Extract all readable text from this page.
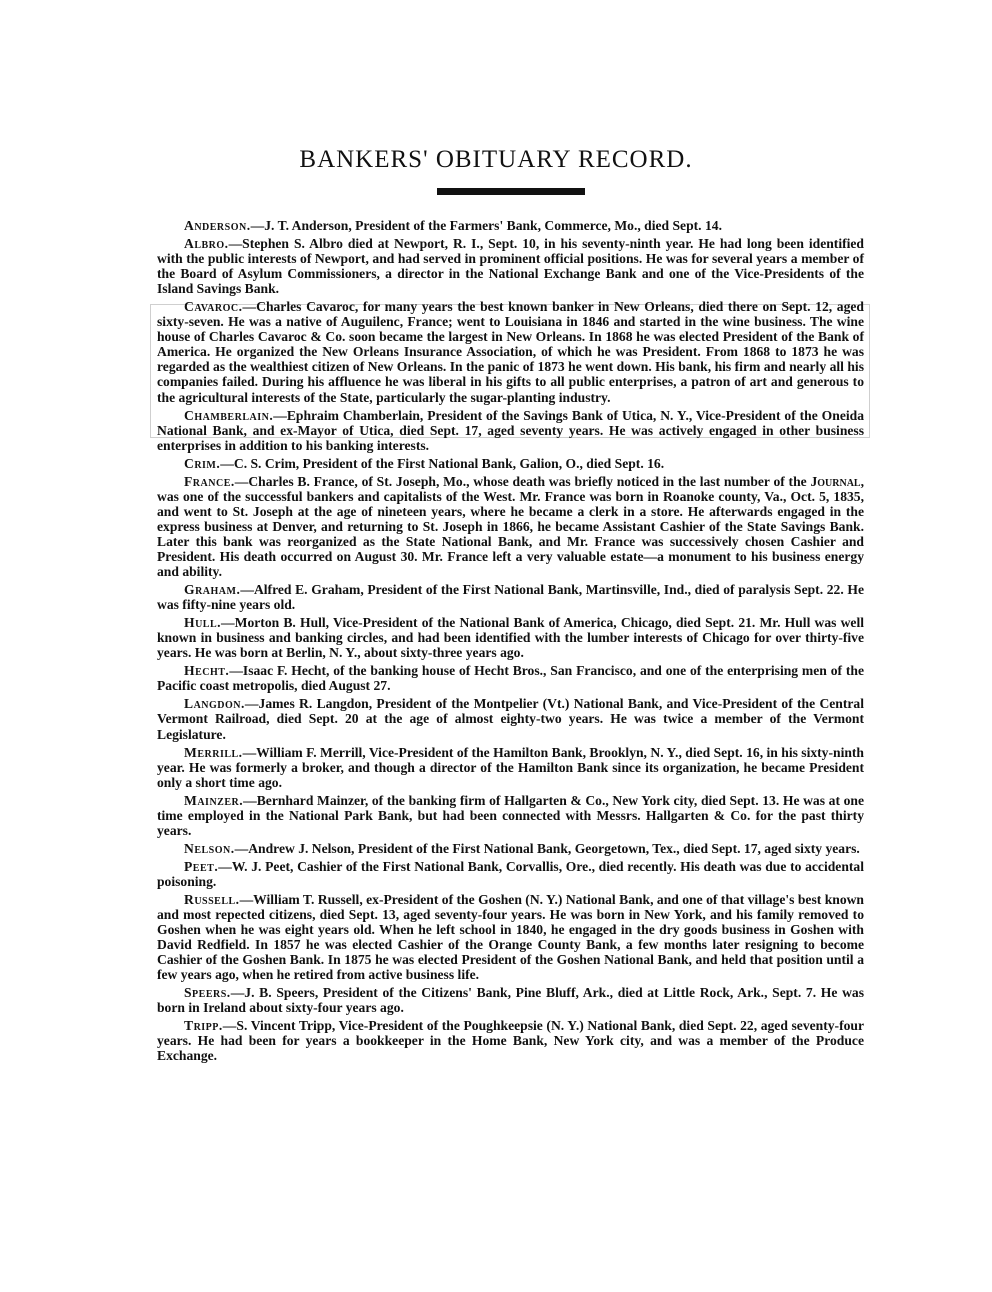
BANKERS' OBITUARY RECORD.

Anderson.—J. T. Anderson, President of the Farmers' Bank, Commerce, Mo., died Sept. 14.

Albro.—Stephen S. Albro died at Newport, R. I., Sept. 10, in his seventy-ninth year. He had long been identified with the public interests of Newport, and had served in prominent official positions. He was for several years a member of the Board of Asylum Commissioners, a director in the National Exchange Bank and one of the Vice-Presidents of the Island Savings Bank.

Cavaroc.—Charles Cavaroc, for many years the best known banker in New Orleans, died there on Sept. 12, aged sixty-seven. He was a native of Auguilenc, France; went to Louisiana in 1846 and started in the wine business. The wine house of Charles Cavaroc & Co. soon became the largest in New Orleans. In 1868 he was elected President of the Bank of America. He organized the New Orleans Insurance Association, of which he was President. From 1868 to 1873 he was regarded as the wealthiest citizen of New Orleans. In the panic of 1873 he went down. His bank, his firm and nearly all his companies failed. During his affluence he was liberal in his gifts to all public enterprises, a patron of art and generous to the agricultural interests of the State, particularly the sugar-planting industry.

Chamberlain.—Ephraim Chamberlain, President of the Savings Bank of Utica, N. Y., Vice-President of the Oneida National Bank, and ex-Mayor of Utica, died Sept. 17, aged seventy years. He was actively engaged in other business enterprises in addition to his banking interests.

Crim.—C. S. Crim, President of the First National Bank, Galion, O., died Sept. 16.

France.—Charles B. France, of St. Joseph, Mo., whose death was briefly noticed in the last number of the Journal, was one of the successful bankers and capitalists of the West. Mr. France was born in Roanoke county, Va., Oct. 5, 1835, and went to St. Joseph at the age of nineteen years, where he became a clerk in a store. He afterwards engaged in the express business at Denver, and returning to St. Joseph in 1866, he became Assistant Cashier of the State Savings Bank. Later this bank was reorganized as the State National Bank, and Mr. France was successively chosen Cashier and President. His death occurred on August 30. Mr. France left a very valuable estate—a monument to his business energy and ability.

Graham.—Alfred E. Graham, President of the First National Bank, Martinsville, Ind., died of paralysis Sept. 22. He was fifty-nine years old.

Hull.—Morton B. Hull, Vice-President of the National Bank of America, Chicago, died Sept. 21. Mr. Hull was well known in business and banking circles, and had been identified with the lumber interests of Chicago for over thirty-five years. He was born at Berlin, N. Y., about sixty-three years ago.

Hecht.—Isaac F. Hecht, of the banking house of Hecht Bros., San Francisco, and one of the enterprising men of the Pacific coast metropolis, died August 27.

Langdon.—James R. Langdon, President of the Montpelier (Vt.) National Bank, and Vice-President of the Central Vermont Railroad, died Sept. 20 at the age of almost eighty-two years. He was twice a member of the Vermont Legislature.

Merrill.—William F. Merrill, Vice-President of the Hamilton Bank, Brooklyn, N. Y., died Sept. 16, in his sixty-ninth year. He was formerly a broker, and though a director of the Hamilton Bank since its organization, he became President only a short time ago.

Mainzer.—Bernhard Mainzer, of the banking firm of Hallgarten & Co., New York city, died Sept. 13. He was at one time employed in the National Park Bank, but had been connected with Messrs. Hallgarten & Co. for the past thirty years.

Nelson.—Andrew J. Nelson, President of the First National Bank, Georgetown, Tex., died Sept. 17, aged sixty years.

Peet.—W. J. Peet, Cashier of the First National Bank, Corvallis, Ore., died recently. His death was due to accidental poisoning.

Russell.—William T. Russell, ex-President of the Goshen (N. Y.) National Bank, and one of that village's best known and most repected citizens, died Sept. 13, aged seventy-four years. He was born in New York, and his family removed to Goshen when he was eight years old. When he left school in 1840, he engaged in the dry goods business in Goshen with David Redfield. In 1857 he was elected Cashier of the Orange County Bank, a few months later resigning to become Cashier of the Goshen Bank. In 1875 he was elected President of the Goshen National Bank, and held that position until a few years ago, when he retired from active business life.

Speers.—J. B. Speers, President of the Citizens' Bank, Pine Bluff, Ark., died at Little Rock, Ark., Sept. 7. He was born in Ireland about sixty-four years ago.

Tripp.—S. Vincent Tripp, Vice-President of the Poughkeepsie (N. Y.) National Bank, died Sept. 22, aged seventy-four years. He had been for years a bookkeeper in the Home Bank, New York city, and was a member of the Produce Exchange.
